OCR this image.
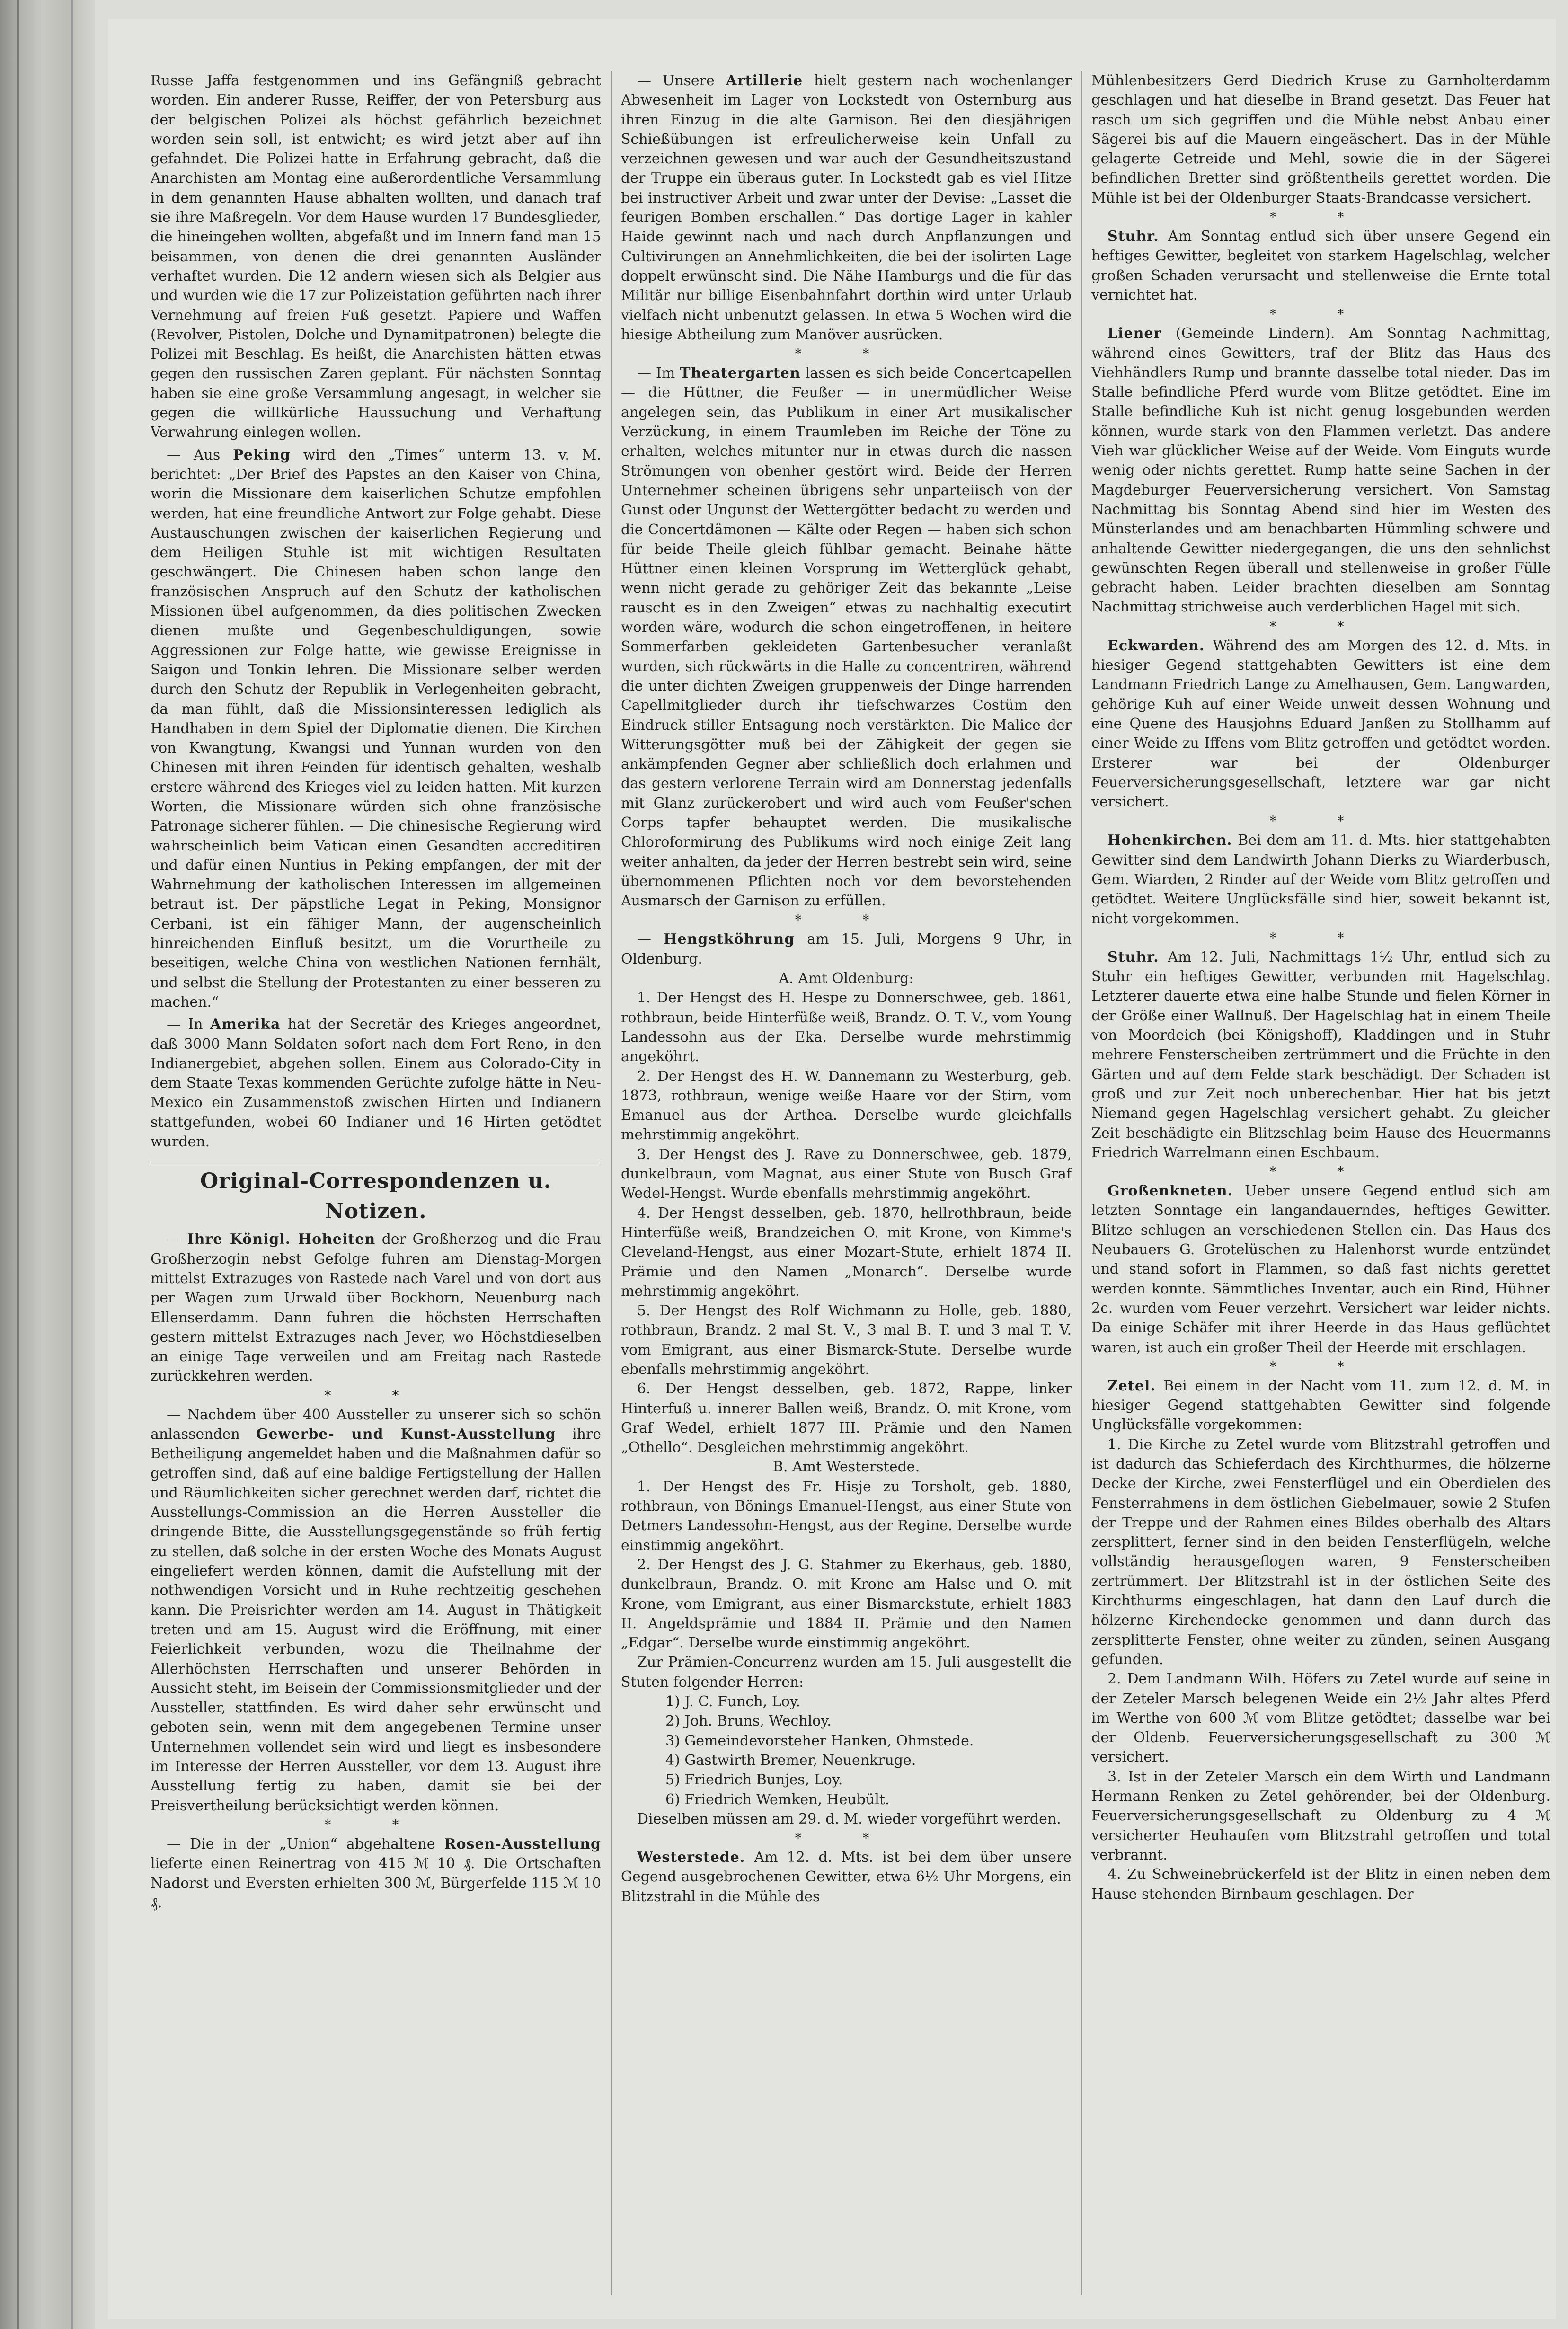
Russe Jaffa festgenommen und ins Gefängniß gebracht worden. Ein anderer Russe, Reiffer, der von Petersburg aus der belgischen Polizei als höchst gefährlich bezeichnet worden sein soll, ist entwicht; es wird jetzt aber auf ihn gefahndet. Die Polizei hatte in Erfahrung gebracht, daß die Anarchisten am Montag eine außerordentliche Versammlung in dem genannten Hause abhalten wollten, und danach traf sie ihre Maßregeln. Vor dem Hause wurden 17 Bundesglieder, die hineingehen wollten, abgefaßt und im Innern fand man 15 beisammen, von denen die drei genannten Ausländer verhaftet wurden. Die 12 andern wiesen sich als Belgier aus und wurden wie die 17 zur Polizeistation geführten nach ihrer Vernehmung auf freien Fuß gesetzt. Papiere und Waffen (Revolver, Pistolen, Dolche und Dynamitpatronen) belegte die Polizei mit Beschlag. Es heißt, die Anarchisten hätten etwas gegen den russischen Zaren geplant. Für nächsten Sonntag haben sie eine große Versammlung angesagt, in welcher sie gegen die willkürliche Haussuchung und Verhaftung Verwahrung einlegen wollen.

— Aus Peking wird den „Times“ unterm 13. v. M. berichtet: „Der Brief des Papstes an den Kaiser von China, worin die Missionare dem kaiserlichen Schutze empfohlen werden, hat eine freundliche Antwort zur Folge gehabt. Diese Austauschungen zwischen der kaiserlichen Regierung und dem Heiligen Stuhle ist mit wichtigen Resultaten geschwängert. Die Chinesen haben schon lange den französischen Anspruch auf den Schutz der katholischen Missionen übel aufgenommen, da dies politischen Zwecken dienen mußte und Gegenbeschuldigungen, sowie Aggressionen zur Folge hatte, wie gewisse Ereignisse in Saigon und Tonkin lehren. Die Missionare selber werden durch den Schutz der Republik in Verlegenheiten gebracht, da man fühlt, daß die Missionsinteressen lediglich als Handhaben in dem Spiel der Diplomatie dienen. Die Kirchen von Kwangtung, Kwangsi und Yunnan wurden von den Chinesen mit ihren Feinden für identisch gehalten, weshalb erstere während des Krieges viel zu leiden hatten. Mit kurzen Worten, die Missionare würden sich ohne französische Patronage sicherer fühlen. — Die chinesische Regierung wird wahrscheinlich beim Vatican einen Gesandten accreditiren und dafür einen Nuntius in Peking empfangen, der mit der Wahrnehmung der katholischen Interessen im allgemeinen betraut ist. Der päpstliche Legat in Peking, Monsignor Cerbani, ist ein fähiger Mann, der augenscheinlich hinreichenden Einfluß besitzt, um die Vorurtheile zu beseitigen, welche China von westlichen Nationen fernhält, und selbst die Stellung der Protestanten zu einer besseren zu machen.“

— In Amerika hat der Secretär des Krieges angeordnet, daß 3000 Mann Soldaten sofort nach dem Fort Reno, in den Indianergebiet, abgehen sollen. Einem aus Colorado-City in dem Staate Texas kommenden Gerüchte zufolge hätte in Neu-Mexico ein Zusammenstoß zwischen Hirten und Indianern stattgefunden, wobei 60 Indianer und 16 Hirten getödtet wurden.

Original-Correspondenzen u. Notizen.

— Ihre Königl. Hoheiten der Großherzog und die Frau Großherzogin nebst Gefolge fuhren am Dienstag-Morgen mittelst Extrazuges von Rastede nach Varel und von dort aus per Wagen zum Urwald über Bockhorn, Neuenburg nach Ellenserdamm. Dann fuhren die höchsten Herrschaften gestern mittelst Extrazuges nach Jever, wo Höchstdieselben an einige Tage verweilen und am Freitag nach Rastede zurückkehren werden.

* *

— Nachdem über 400 Aussteller zu unserer sich so schön anlassenden Gewerbe- und Kunst-Ausstellung ihre Betheiligung angemeldet haben und die Maßnahmen dafür so getroffen sind, daß auf eine baldige Fertigstellung der Hallen und Räumlichkeiten sicher gerechnet werden darf, richtet die Ausstellungs-Commission an die Herren Aussteller die dringende Bitte, die Ausstellungsgegenstände so früh fertig zu stellen, daß solche in der ersten Woche des Monats August eingeliefert werden können, damit die Aufstellung mit der nothwendigen Vorsicht und in Ruhe rechtzeitig geschehen kann. Die Preisrichter werden am 14. August in Thätigkeit treten und am 15. August wird die Eröffnung, mit einer Feierlichkeit verbunden, wozu die Theilnahme der Allerhöchsten Herrschaften und unserer Behörden in Aussicht steht, im Beisein der Commissionsmitglieder und der Aussteller, stattfinden. Es wird daher sehr erwünscht und geboten sein, wenn mit dem angegebenen Termine unser Unternehmen vollendet sein wird und liegt es insbesondere im Interesse der Herren Aussteller, vor dem 13. August ihre Ausstellung fertig zu haben, damit sie bei der Preisvertheilung berücksichtigt werden können.

* *

— Die in der „Union“ abgehaltene Rosen-Ausstellung lieferte einen Reinertrag von 415 ℳ 10 ₰. Die Ortschaften Nadorst und Eversten erhielten 300 ℳ, Bürgerfelde 115 ℳ 10 ₰.

— Unsere Artillerie hielt gestern nach wochenlanger Abwesenheit im Lager von Lockstedt von Osternburg aus ihren Einzug in die alte Garnison. Bei den diesjährigen Schießübungen ist erfreulicherweise kein Unfall zu verzeichnen gewesen und war auch der Gesundheitszustand der Truppe ein überaus guter. In Lockstedt gab es viel Hitze bei instructiver Arbeit und zwar unter der Devise: „Lasset die feurigen Bomben erschallen.“ Das dortige Lager in kahler Haide gewinnt nach und nach durch Anpflanzungen und Cultivirungen an Annehmlichkeiten, die bei der isolirten Lage doppelt erwünscht sind. Die Nähe Hamburgs und die für das Militär nur billige Eisenbahnfahrt dorthin wird unter Urlaub vielfach nicht unbenutzt gelassen. In etwa 5 Wochen wird die hiesige Abtheilung zum Manöver ausrücken.

* *

— Im Theatergarten lassen es sich beide Concertcapellen — die Hüttner, die Feußer — in unermüdlicher Weise angelegen sein, das Publikum in einer Art musikalischer Verzückung, in einem Traumleben im Reiche der Töne zu erhalten, welches mitunter nur in etwas durch die nassen Strömungen von obenher gestört wird. Beide der Herren Unternehmer scheinen übrigens sehr unparteiisch von der Gunst oder Ungunst der Wettergötter bedacht zu werden und die Concertdämonen — Kälte oder Regen — haben sich schon für beide Theile gleich fühlbar gemacht. Beinahe hätte Hüttner einen kleinen Vorsprung im Wetterglück gehabt, wenn nicht gerade zu gehöriger Zeit das bekannte „Leise rauscht es in den Zweigen“ etwas zu nachhaltig executirt worden wäre, wodurch die schon eingetroffenen, in heitere Sommerfarben gekleideten Gartenbesucher veranlaßt wurden, sich rückwärts in die Halle zu concentriren, während die unter dichten Zweigen gruppenweis der Dinge harrenden Capellmitglieder durch ihr tiefschwarzes Costüm den Eindruck stiller Entsagung noch verstärkten. Die Malice der Witterungsgötter muß bei der Zähigkeit der gegen sie ankämpfenden Gegner aber schließlich doch erlahmen und das gestern verlorene Terrain wird am Donnerstag jedenfalls mit Glanz zurückerobert und wird auch vom Feußer'schen Corps tapfer behauptet werden. Die musikalische Chloroformirung des Publikums wird noch einige Zeit lang weiter anhalten, da jeder der Herren bestrebt sein wird, seine übernommenen Pflichten noch vor dem bevorstehenden Ausmarsch der Garnison zu erfüllen.

* *

— Hengstköhrung am 15. Juli, Morgens 9 Uhr, in Oldenburg.

A. Amt Oldenburg:

1. Der Hengst des H. Hespe zu Donnerschwee, geb. 1861, rothbraun, beide Hinterfüße weiß, Brandz. O. T. V., vom Young Landessohn aus der Eka. Derselbe wurde mehrstimmig angeköhrt.

2. Der Hengst des H. W. Dannemann zu Westerburg, geb. 1873, rothbraun, wenige weiße Haare vor der Stirn, vom Emanuel aus der Arthea. Derselbe wurde gleichfalls mehrstimmig angeköhrt.

3. Der Hengst des J. Rave zu Donnerschwee, geb. 1879, dunkelbraun, vom Magnat, aus einer Stute von Busch Graf Wedel-Hengst. Wurde ebenfalls mehrstimmig angeköhrt.

4. Der Hengst desselben, geb. 1870, hellrothbraun, beide Hinterfüße weiß, Brandzeichen O. mit Krone, von Kimme's Cleveland-Hengst, aus einer Mozart-Stute, erhielt 1874 II. Prämie und den Namen „Monarch“. Derselbe wurde mehrstimmig angeköhrt.

5. Der Hengst des Rolf Wichmann zu Holle, geb. 1880, rothbraun, Brandz. 2 mal St. V., 3 mal B. T. und 3 mal T. V. vom Emigrant, aus einer Bismarck-Stute. Derselbe wurde ebenfalls mehrstimmig angeköhrt.

6. Der Hengst desselben, geb. 1872, Rappe, linker Hinterfuß u. innerer Ballen weiß, Brandz. O. mit Krone, vom Graf Wedel, erhielt 1877 III. Prämie und den Namen „Othello“. Desgleichen mehrstimmig angeköhrt.

B. Amt Westerstede.

1. Der Hengst des Fr. Hisje zu Torsholt, geb. 1880, rothbraun, von Bönings Emanuel-Hengst, aus einer Stute von Detmers Landessohn-Hengst, aus der Regine. Derselbe wurde einstimmig angeköhrt.

2. Der Hengst des J. G. Stahmer zu Ekerhaus, geb. 1880, dunkelbraun, Brandz. O. mit Krone am Halse und O. mit Krone, vom Emigrant, aus einer Bismarckstute, erhielt 1883 II. Angeldsprämie und 1884 II. Prämie und den Namen „Edgar“. Derselbe wurde einstimmig angeköhrt.

Zur Prämien-Concurrenz wurden am 15. Juli ausgestellt die Stuten folgender Herren:

1) J. C. Funch, Loy.

2) Joh. Bruns, Wechloy.

3) Gemeindevorsteher Hanken, Ohmstede.

4) Gastwirth Bremer, Neuenkruge.

5) Friedrich Bunjes, Loy.

6) Friedrich Wemken, Heubült.

Dieselben müssen am 29. d. M. wieder vorgeführt werden.

* *

Westerstede. Am 12. d. Mts. ist bei dem über unsere Gegend ausgebrochenen Gewitter, etwa 6½ Uhr Morgens, ein Blitzstrahl in die Mühle des

Mühlenbesitzers Gerd Diedrich Kruse zu Garnholterdamm geschlagen und hat dieselbe in Brand gesetzt. Das Feuer hat rasch um sich gegriffen und die Mühle nebst Anbau einer Sägerei bis auf die Mauern eingeäschert. Das in der Mühle gelagerte Getreide und Mehl, sowie die in der Sägerei befindlichen Bretter sind größtentheils gerettet worden. Die Mühle ist bei der Oldenburger Staats-Brandcasse versichert.

* *

Stuhr. Am Sonntag entlud sich über unsere Gegend ein heftiges Gewitter, begleitet von starkem Hagelschlag, welcher großen Schaden verursacht und stellenweise die Ernte total vernichtet hat.

* *

Liener (Gemeinde Lindern). Am Sonntag Nachmittag, während eines Gewitters, traf der Blitz das Haus des Viehhändlers Rump und brannte dasselbe total nieder. Das im Stalle befindliche Pferd wurde vom Blitze getödtet. Eine im Stalle befindliche Kuh ist nicht genug losgebunden werden können, wurde stark von den Flammen verletzt. Das andere Vieh war glücklicher Weise auf der Weide. Vom Einguts wurde wenig oder nichts gerettet. Rump hatte seine Sachen in der Magdeburger Feuerversicherung versichert. Von Samstag Nachmittag bis Sonntag Abend sind hier im Westen des Münsterlandes und am benachbarten Hümmling schwere und anhaltende Gewitter niedergegangen, die uns den sehnlichst gewünschten Regen überall und stellenweise in großer Fülle gebracht haben. Leider brachten dieselben am Sonntag Nachmittag strichweise auch verderblichen Hagel mit sich.

* *

Eckwarden. Während des am Morgen des 12. d. Mts. in hiesiger Gegend stattgehabten Gewitters ist eine dem Landmann Friedrich Lange zu Amelhausen, Gem. Langwarden, gehörige Kuh auf einer Weide unweit dessen Wohnung und eine Quene des Hausjohns Eduard Janßen zu Stollhamm auf einer Weide zu Iffens vom Blitz getroffen und getödtet worden. Ersterer war bei der Oldenburger Feuerversicherungsgesellschaft, letztere war gar nicht versichert.

* *

Hohenkirchen. Bei dem am 11. d. Mts. hier stattgehabten Gewitter sind dem Landwirth Johann Dierks zu Wiarderbusch, Gem. Wiarden, 2 Rinder auf der Weide vom Blitz getroffen und getödtet. Weitere Unglücksfälle sind hier, soweit bekannt ist, nicht vorgekommen.

* *

Stuhr. Am 12. Juli, Nachmittags 1½ Uhr, entlud sich zu Stuhr ein heftiges Gewitter, verbunden mit Hagelschlag. Letzterer dauerte etwa eine halbe Stunde und fielen Körner in der Größe einer Wallnuß. Der Hagelschlag hat in einem Theile von Moordeich (bei Königshoff), Kladdingen und in Stuhr mehrere Fensterscheiben zertrümmert und die Früchte in den Gärten und auf dem Felde stark beschädigt. Der Schaden ist groß und zur Zeit noch unberechenbar. Hier hat bis jetzt Niemand gegen Hagelschlag versichert gehabt. Zu gleicher Zeit beschädigte ein Blitzschlag beim Hause des Heuermanns Friedrich Warrelmann einen Eschbaum.

* *

Großenkneten. Ueber unsere Gegend entlud sich am letzten Sonntage ein langandauerndes, heftiges Gewitter. Blitze schlugen an verschiedenen Stellen ein. Das Haus des Neubauers G. Grotelüschen zu Halenhorst wurde entzündet und stand sofort in Flammen, so daß fast nichts gerettet werden konnte. Sämmtliches Inventar, auch ein Rind, Hühner 2c. wurden vom Feuer verzehrt. Versichert war leider nichts. Da einige Schäfer mit ihrer Heerde in das Haus geflüchtet waren, ist auch ein großer Theil der Heerde mit erschlagen.

* *

Zetel. Bei einem in der Nacht vom 11. zum 12. d. M. in hiesiger Gegend stattgehabten Gewitter sind folgende Unglücksfälle vorgekommen:

1. Die Kirche zu Zetel wurde vom Blitzstrahl getroffen und ist dadurch das Schieferdach des Kirchthurmes, die hölzerne Decke der Kirche, zwei Fensterflügel und ein Oberdielen des Fensterrahmens in dem östlichen Giebelmauer, sowie 2 Stufen der Treppe und der Rahmen eines Bildes oberhalb des Altars zersplittert, ferner sind in den beiden Fensterflügeln, welche vollständig herausgeflogen waren, 9 Fensterscheiben zertrümmert. Der Blitzstrahl ist in der östlichen Seite des Kirchthurms eingeschlagen, hat dann den Lauf durch die hölzerne Kirchendecke genommen und dann durch das zersplitterte Fenster, ohne weiter zu zünden, seinen Ausgang gefunden.

2. Dem Landmann Wilh. Höfers zu Zetel wurde auf seine in der Zeteler Marsch belegenen Weide ein 2½ Jahr altes Pferd im Werthe von 600 ℳ vom Blitze getödtet; dasselbe war bei der Oldenb. Feuerversicherungsgesellschaft zu 300 ℳ versichert.

3. Ist in der Zeteler Marsch ein dem Wirth und Landmann Hermann Renken zu Zetel gehörender, bei der Oldenburg. Feuerversicherungsgesellschaft zu Oldenburg zu 4 ℳ versicherter Heuhaufen vom Blitzstrahl getroffen und total verbrannt.

4. Zu Schweinebrückerfeld ist der Blitz in einen neben dem Hause stehenden Birnbaum geschlagen. Der
